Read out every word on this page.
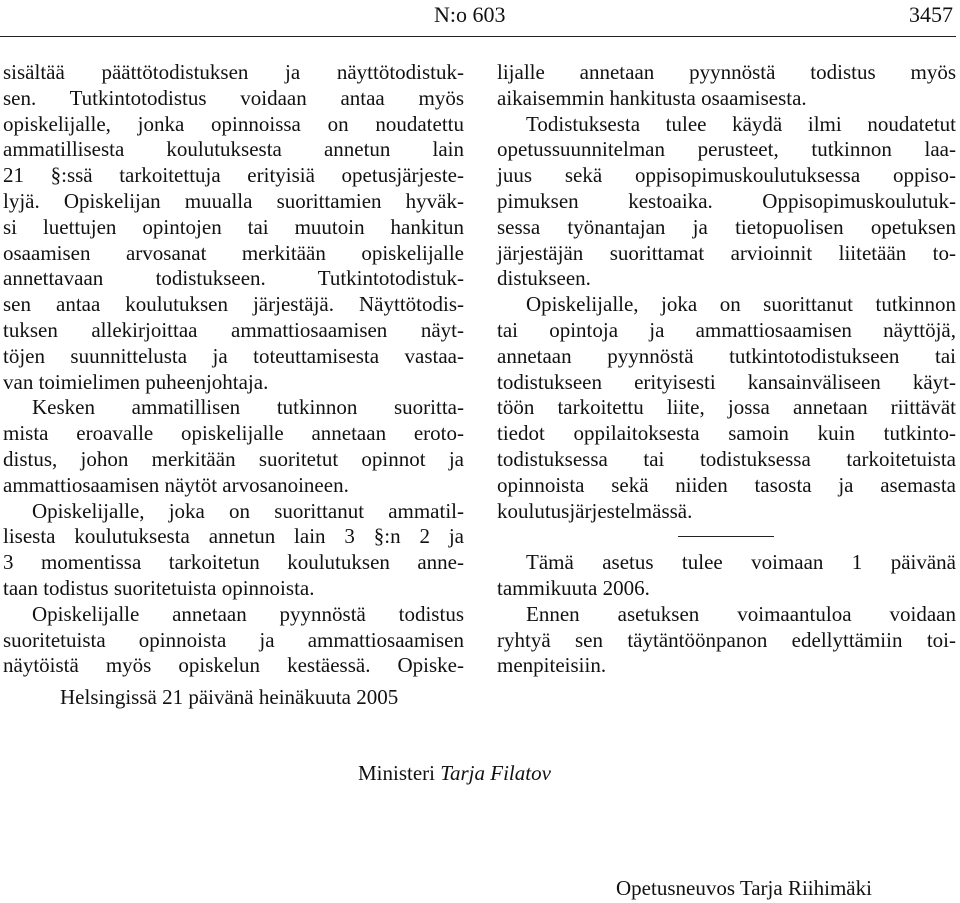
N:o 603	3457
sisältää päättötodistuksen ja näyttötodistuk-
sen. Tutkintotodistus voidaan antaa myös
opiskelijalle, jonka opinnoissa on noudatettu
ammatillisesta koulutuksesta annetun lain
21 §:ssä tarkoitettuja erityisiä opetusjärjeste-
lyjä. Opiskelijan muualla suorittamien hyväk-
si luettujen opintojen tai muutoin hankitun
osaamisen arvosanat merkitään opiskelijalle
annettavaan todistukseen. Tutkintotodistuk-
sen antaa koulutuksen järjestäjä. Näyttötodis-
tuksen allekirjoittaa ammattiosaamisen näyt-
töjen suunnittelusta ja toteuttamisesta vastaa-
van toimielimen puheenjohtaja.
Kesken ammatillisen tutkinnon suoritta-
mista eroavalle opiskelijalle annetaan eroto-
distus, johon merkitään suoritetut opinnot ja
ammattiosaamisen näytöt arvosanoineen.
Opiskelijalle, joka on suorittanut ammatil-
lisesta koulutuksesta annetun lain 3 §:n 2 ja
3 momentissa tarkoitetun koulutuksen anne-
taan todistus suoritetuista opinnoista.
Opiskelijalle annetaan pyynnöstä todistus
suoritetuista opinnoista ja ammattiosaamisen
näytöistä myös opiskelun kestäessä. Opiske-
lijalle annetaan pyynnöstä todistus myös
aikaisemmin hankitusta osaamisesta.
Todistuksesta tulee käydä ilmi noudatetut
opetussuunnitelman perusteet, tutkinnon laa-
juus sekä oppisopimuskoulutuksessa oppiso-
pimuksen kestoaika. Oppisopimuskoulutuk-
sessa työnantajan ja tietopuolisen opetuksen
järjestäjän suorittamat arvioinnit liitetään to-
distukseen.
Opiskelijalle, joka on suorittanut tutkinnon
tai opintoja ja ammattiosaamisen näyttöjä,
annetaan pyynnöstä tutkintotodistukseen tai
todistukseen erityisesti kansainväliseen käyt-
töön tarkoitettu liite, jossa annetaan riittävät
tiedot oppilaitoksesta samoin kuin tutkinto-
todistuksessa tai todistuksessa tarkoitetuista
opinnoista sekä niiden tasosta ja asemasta
koulutusjärjestelmässä.
Tämä asetus tulee voimaan 1 päivänä
tammikuuta 2006.
Ennen asetuksen voimaantuloa voidaan
ryhtyä sen täytäntöönpanon edellyttämiin toi-
menpiteisiin.
Helsingissä 21 päivänä heinäkuuta 2005
Ministeri Tarja Filatov
Opetusneuvos Tarja Riihimäki
